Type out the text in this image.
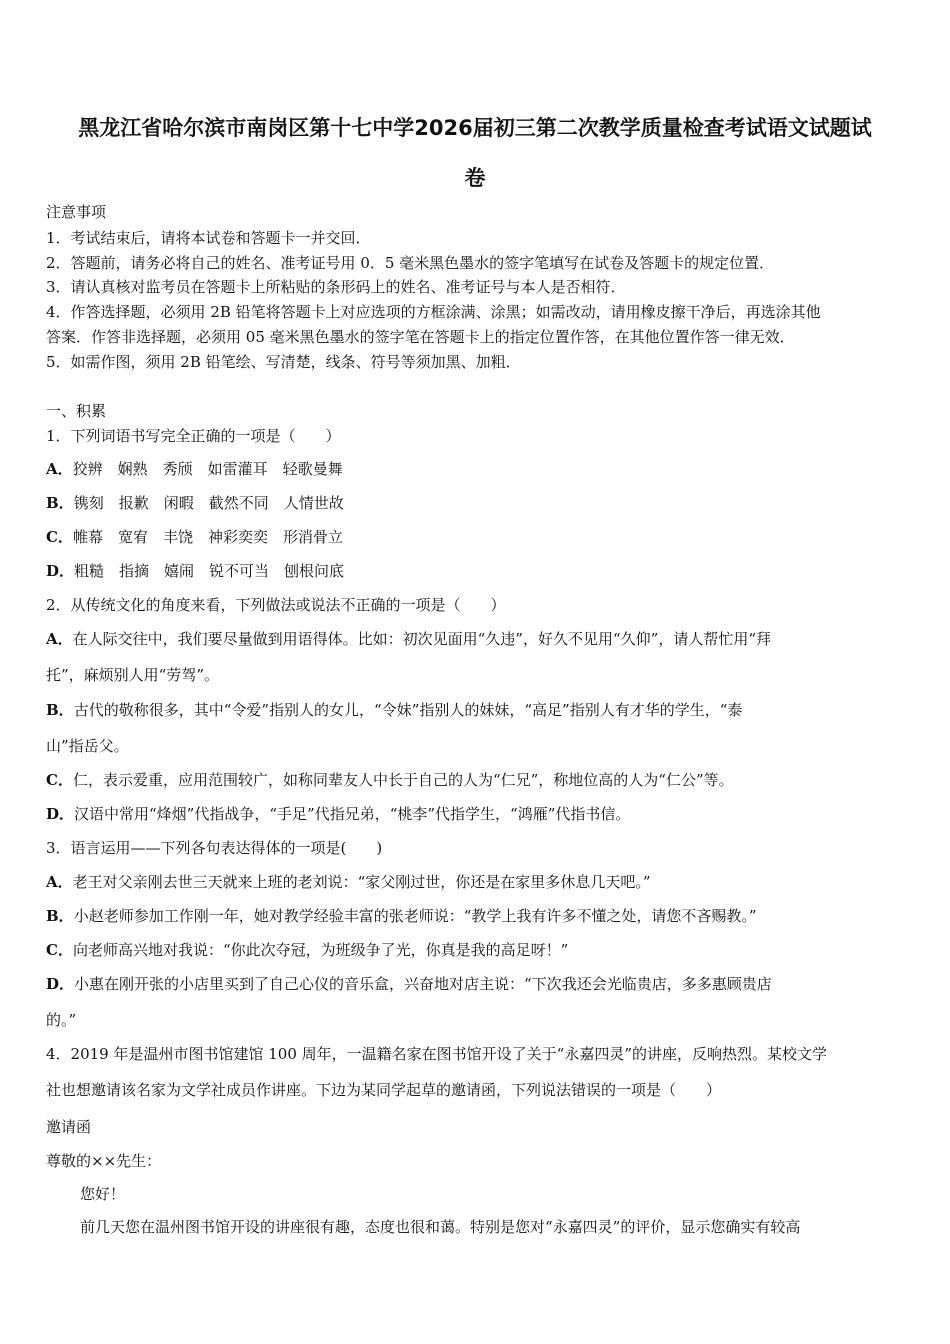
黑龙江省哈尔滨市南岗区第十七中学2026届初三第二次教学质量检查考试语文试题试
卷
注意事项
1．考试结束后，请将本试卷和答题卡一并交回．
2．答题前，请务必将自己的姓名、准考证号用 0．5 毫米黑色墨水的签字笔填写在试卷及答题卡的规定位置．
3．请认真核对监考员在答题卡上所粘贴的条形码上的姓名、准考证号与本人是否相符．
4．作答选择题，必须用 2B 铅笔将答题卡上对应选项的方框涂满、涂黑；如需改动，请用橡皮擦干净后，再选涂其他
答案．作答非选择题，必须用 05 毫米黑色墨水的签字笔在答题卡上的指定位置作答，在其他位置作答一律无效．
5．如需作图，须用 2B 铅笔绘、写清楚，线条、符号等须加黑、加粗．
一、积累
1．下列词语书写完全正确的一项是（　　）
A．狡辨　娴熟　秀颀　如雷灌耳　轻歌曼舞
B．镌刻　报歉　闲暇　截然不同　人情世故
C．帷幕　宽宥　丰饶　神彩奕奕　形消骨立
D．粗糙　指摘　嬉闹　锐不可当　刨根问底
2．从传统文化的角度来看，下列做法或说法不正确的一项是（　　）
A．在人际交往中，我们要尽量做到用语得体。比如：初次见面用“久违”，好久不见用“久仰”，请人帮忙用“拜
托”，麻烦别人用“劳驾”。
B．古代的敬称很多，其中“令爱”指别人的女儿，“令妹”指别人的妹妹，“高足”指别人有才华的学生，“泰
山”指岳父。
C．仁，表示爱重，应用范围较广，如称同辈友人中长于自己的人为“仁兄”，称地位高的人为“仁公”等。
D．汉语中常用“烽烟”代指战争，“手足”代指兄弟，“桃李”代指学生，“鸿雁”代指书信。
3．语言运用——下列各句表达得体的一项是(　　)
A．老王对父亲刚去世三天就来上班的老刘说：“家父刚过世，你还是在家里多休息几天吧。”
B．小赵老师参加工作刚一年，她对教学经验丰富的张老师说：“教学上我有许多不懂之处，请您不吝赐教。”
C．向老师高兴地对我说：“你此次夺冠，为班级争了光，你真是我的高足呀！”
D．小惠在刚开张的小店里买到了自己心仪的音乐盒，兴奋地对店主说：“下次我还会光临贵店，多多惠顾贵店
的。”
4．2019 年是温州市图书馆建馆 100 周年，一温籍名家在图书馆开设了关于“永嘉四灵”的讲座，反响热烈。某校文学
社也想邀请该名家为文学社成员作讲座。下边为某同学起草的邀请函，下列说法错误的一项是（　　）
邀请函
尊敬的××先生：
您好！
前几天您在温州图书馆开设的讲座很有趣，态度也很和蔼。特别是您对“永嘉四灵”的评价，显示您确实有较高
